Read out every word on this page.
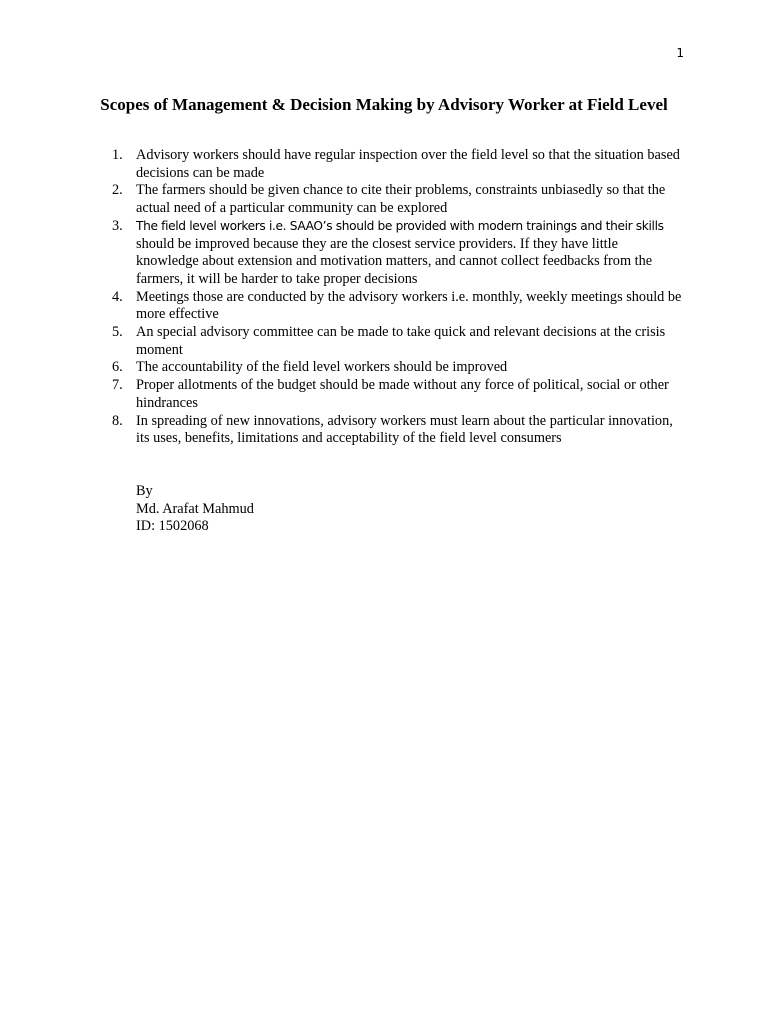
1
Scopes of Management & Decision Making by Advisory Worker at Field Level
1. Advisory workers should have regular inspection over the field level so that the situation based decisions can be made
2. The farmers should be given chance to cite their problems, constraints unbiasedly so that the actual need of a particular community can be explored
3. The field level workers i.e. SAAO’s should be provided with modern trainings and their skills should be improved because they are the closest service providers. If they have little knowledge about extension and motivation matters, and cannot collect feedbacks from the farmers, it will be harder to take proper decisions
4. Meetings those are conducted by the advisory workers i.e. monthly, weekly meetings should be more effective
5. An special advisory committee can be made to take quick and relevant decisions at the crisis moment
6. The accountability of the field level workers should be improved
7. Proper allotments of the budget should be made without any force of political, social or other hindrances
8. In spreading of new innovations, advisory workers must learn about the particular innovation, its uses, benefits, limitations and acceptability of the field level consumers
By
Md. Arafat Mahmud
ID: 1502068
